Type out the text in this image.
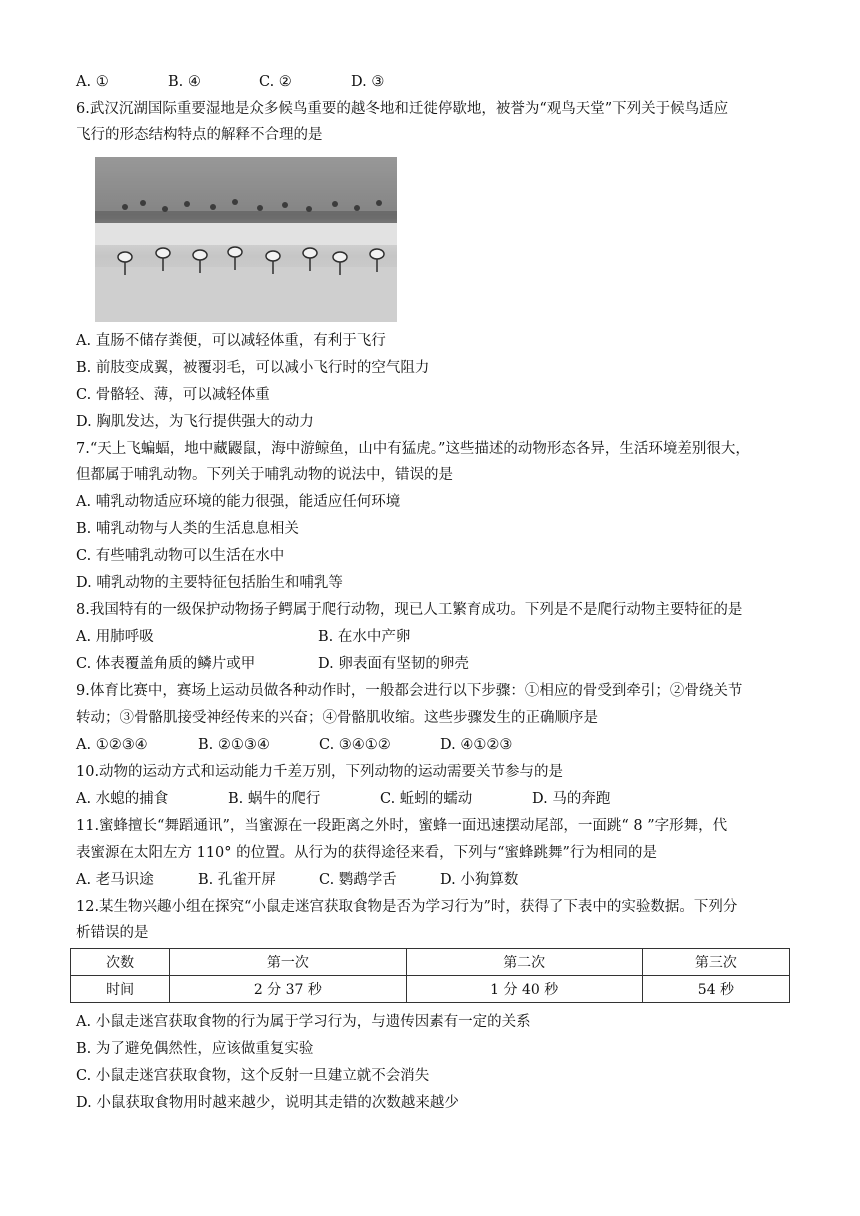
A. ①	B. ④	C. ②	D. ③
6.武汉沉湖国际重要湿地是众多候鸟重要的越冬地和迁徙停歇地，被誉为“观鸟天堂”下列关于候鸟适应
飞行的形态结构特点的解释不合理的是
A. 直肠不储存粪便，可以减轻体重，有利于飞行
B. 前肢变成翼，被覆羽毛，可以减小飞行时的空气阻力
C. 骨骼轻、薄，可以减轻体重
D. 胸肌发达，为飞行提供强大的动力
7.“天上飞蝙蝠，地中藏鼹鼠，海中游鲸鱼，山中有猛虎。”这些描述的动物形态各异，生活环境差别很大，
但都属于哺乳动物。下列关于哺乳动物的说法中，错误的是
A. 哺乳动物适应环境的能力很强，能适应任何环境
B. 哺乳动物与人类的生活息息相关
C. 有些哺乳动物可以生活在水中
D. 哺乳动物的主要特征包括胎生和哺乳等
8.我国特有的一级保护动物扬子鳄属于爬行动物，现已人工繁育成功。下列是不是爬行动物主要特征的是
A. 用肺呼吸	B. 在水中产卵
C. 体表覆盖角质的鳞片或甲	D. 卵表面有坚韧的卵壳
9.体育比赛中，赛场上运动员做各种动作时，一般都会进行以下步骤：①相应的骨受到牵引；②骨绕关节
转动；③骨骼肌接受神经传来的兴奋；④骨骼肌收缩。这些步骤发生的正确顺序是
A. ①②③④	B. ②①③④	C. ③④①②	D. ④①②③
10.动物的运动方式和运动能力千差万别，下列动物的运动需要关节参与的是
A. 水螅的捕食	B. 蜗牛的爬行	C. 蚯蚓的蠕动	D. 马的奔跑
11.蜜蜂擅长“舞蹈通讯”，当蜜源在一段距离之外时，蜜蜂一面迅速摆动尾部，一面跳“ 8 ”字形舞，代
表蜜源在太阳左方 110° 的位置。从行为的获得途径来看，下列与“蜜蜂跳舞”行为相同的是
A. 老马识途	B. 孔雀开屏	C. 鹦鹉学舌	D. 小狗算数
12.某生物兴趣小组在探究“小鼠走迷宫获取食物是否为学习行为”时，获得了下表中的实验数据。下列分
析错误的是
次数	第一次	第二次	第三次
时间	2 分 37 秒	1 分 40 秒	54 秒
A. 小鼠走迷宫获取食物的行为属于学习行为，与遗传因素有一定的关系
B. 为了避免偶然性，应该做重复实验
C. 小鼠走迷宫获取食物，这个反射一旦建立就不会消失
D. 小鼠获取食物用时越来越少，说明其走错的次数越来越少
